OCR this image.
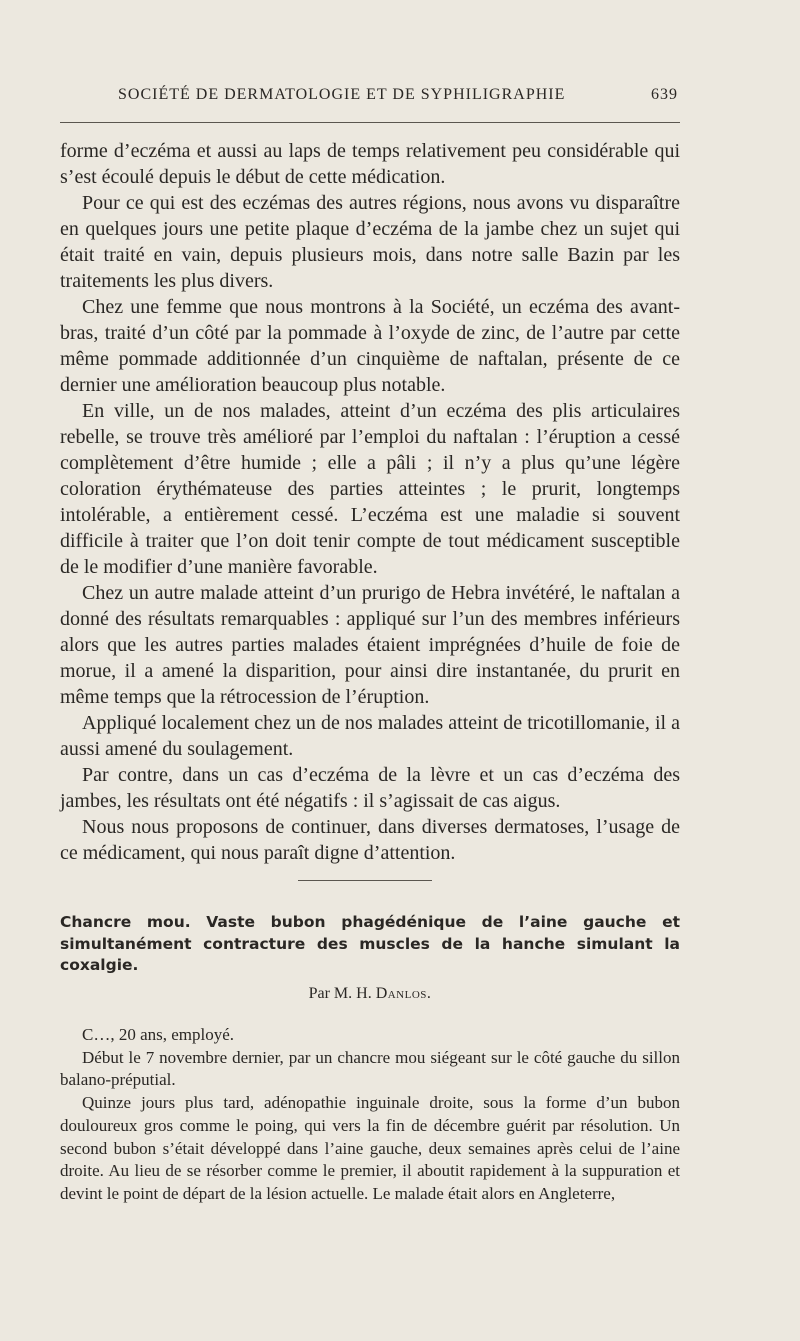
SOCIÉTÉ DE DERMATOLOGIE ET DE SYPHILIGRAPHIE	639

forme d’eczéma et aussi au laps de temps relativement peu considérable qui s’est écoulé depuis le début de cette médication.

Pour ce qui est des eczémas des autres régions, nous avons vu disparaître en quelques jours une petite plaque d’eczéma de la jambe chez un sujet qui était traité en vain, depuis plusieurs mois, dans notre salle Bazin par les traitements les plus divers.

Chez une femme que nous montrons à la Société, un eczéma des avant-bras, traité d’un côté par la pommade à l’oxyde de zinc, de l’autre par cette même pommade additionnée d’un cinquième de naftalan, présente de ce dernier une amélioration beaucoup plus notable.

En ville, un de nos malades, atteint d’un eczéma des plis articulaires rebelle, se trouve très amélioré par l’emploi du naftalan : l’éruption a cessé complètement d’être humide ; elle a pâli ; il n’y a plus qu’une légère coloration érythémateuse des parties atteintes ; le prurit, longtemps intolérable, a entièrement cessé. L’eczéma est une maladie si souvent difficile à traiter que l’on doit tenir compte de tout médicament susceptible de le modifier d’une manière favorable.

Chez un autre malade atteint d’un prurigo de Hebra invétéré, le naftalan a donné des résultats remarquables : appliqué sur l’un des membres inférieurs alors que les autres parties malades étaient imprégnées d’huile de foie de morue, il a amené la disparition, pour ainsi dire instantanée, du prurit en même temps que la rétrocession de l’éruption.

Appliqué localement chez un de nos malades atteint de tricotillomanie, il a aussi amené du soulagement.

Par contre, dans un cas d’eczéma de la lèvre et un cas d’eczéma des jambes, les résultats ont été négatifs : il s’agissait de cas aigus.

Nous nous proposons de continuer, dans diverses dermatoses, l’usage de ce médicament, qui nous paraît digne d’attention.

Chancre mou. Vaste bubon phagédénique de l’aine gauche et simultanément contracture des muscles de la hanche simulant la coxalgie.
Par M. H. Danlos.

C…, 20 ans, employé.

Début le 7 novembre dernier, par un chancre mou siégeant sur le côté gauche du sillon balano-préputial.

Quinze jours plus tard, adénopathie inguinale droite, sous la forme d’un bubon douloureux gros comme le poing, qui vers la fin de décembre guérit par résolution. Un second bubon s’était développé dans l’aine gauche, deux semaines après celui de l’aine droite. Au lieu de se résorber comme le premier, il aboutit rapidement à la suppuration et devint le point de départ de la lésion actuelle. Le malade était alors en Angleterre,
